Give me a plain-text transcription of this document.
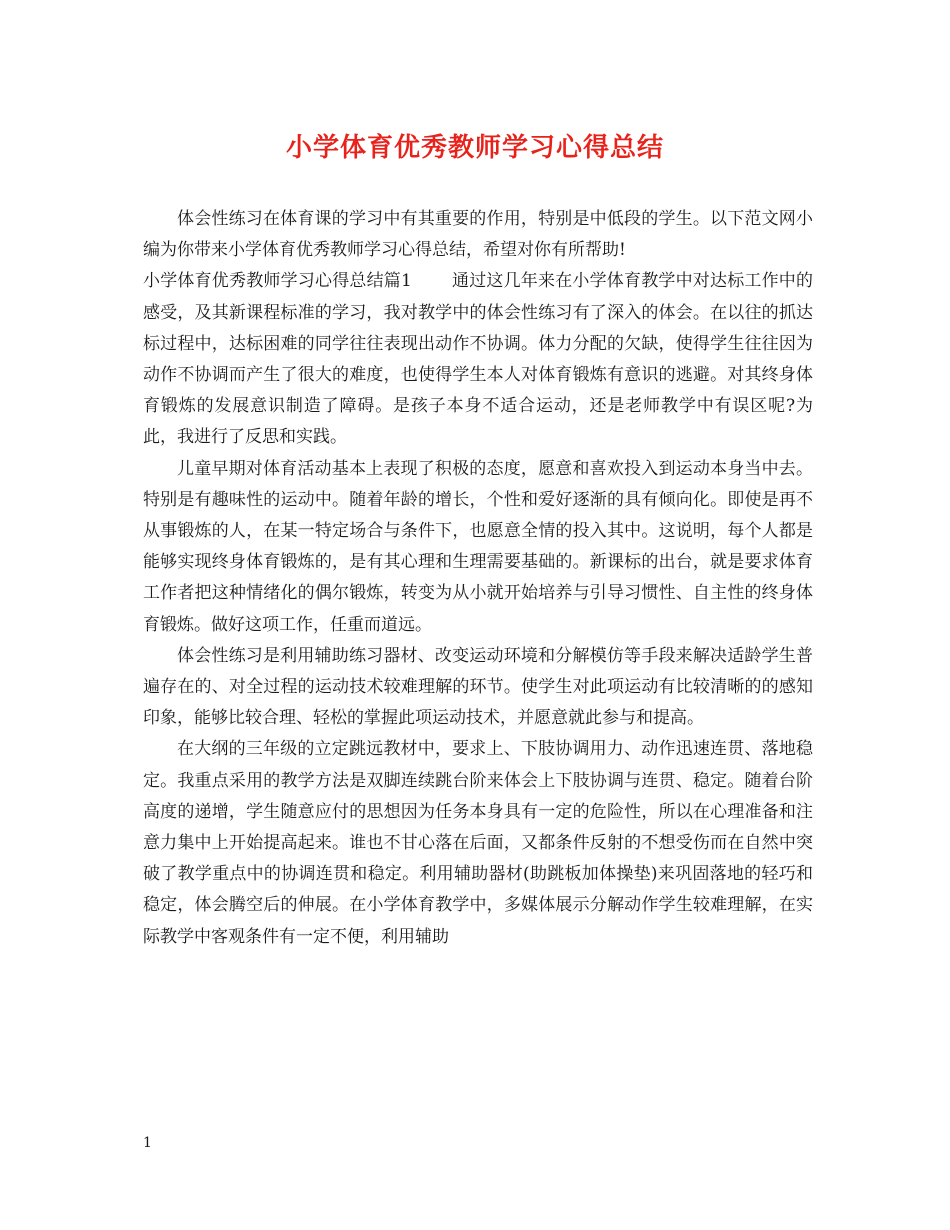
小学体育优秀教师学习心得总结

体会性练习在体育课的学习中有其重要的作用，特别是中低段的学生。以下范文网小编为你带来小学体育优秀教师学习心得总结，希望对你有所帮助!

小学体育优秀教师学习心得总结篇1 通过这几年来在小学体育教学中对达标工作中的感受，及其新课程标准的学习，我对教学中的体会性练习有了深入的体会。在以往的抓达标过程中，达标困难的同学往往表现出动作不协调。体力分配的欠缺，使得学生往往因为动作不协调而产生了很大的难度，也使得学生本人对体育锻炼有意识的逃避。对其终身体育锻炼的发展意识制造了障碍。是孩子本身不适合运动，还是老师教学中有误区呢?为此，我进行了反思和实践。

儿童早期对体育活动基本上表现了积极的态度，愿意和喜欢投入到运动本身当中去。特别是有趣味性的运动中。随着年龄的增长，个性和爱好逐渐的具有倾向化。即使是再不从事锻炼的人，在某一特定场合与条件下，也愿意全情的投入其中。这说明，每个人都是能够实现终身体育锻炼的，是有其心理和生理需要基础的。新课标的出台，就是要求体育工作者把这种情绪化的偶尔锻炼，转变为从小就开始培养与引导习惯性、自主性的终身体育锻炼。做好这项工作，任重而道远。

体会性练习是利用辅助练习器材、改变运动环境和分解模仿等手段来解决适龄学生普遍存在的、对全过程的运动技术较难理解的环节。使学生对此项运动有比较清晰的的感知印象，能够比较合理、轻松的掌握此项运动技术，并愿意就此参与和提高。

在大纲的三年级的立定跳远教材中，要求上、下肢协调用力、动作迅速连贯、落地稳定。我重点采用的教学方法是双脚连续跳台阶来体会上下肢协调与连贯、稳定。随着台阶高度的递增，学生随意应付的思想因为任务本身具有一定的危险性，所以在心理准备和注意力集中上开始提高起来。谁也不甘心落在后面，又都条件反射的不想受伤而在自然中突破了教学重点中的协调连贯和稳定。利用辅助器材(助跳板加体操垫)来巩固落地的轻巧和稳定，体会腾空后的伸展。在小学体育教学中，多媒体展示分解动作学生较难理解，在实际教学中客观条件有一定不便，利用辅助

1
